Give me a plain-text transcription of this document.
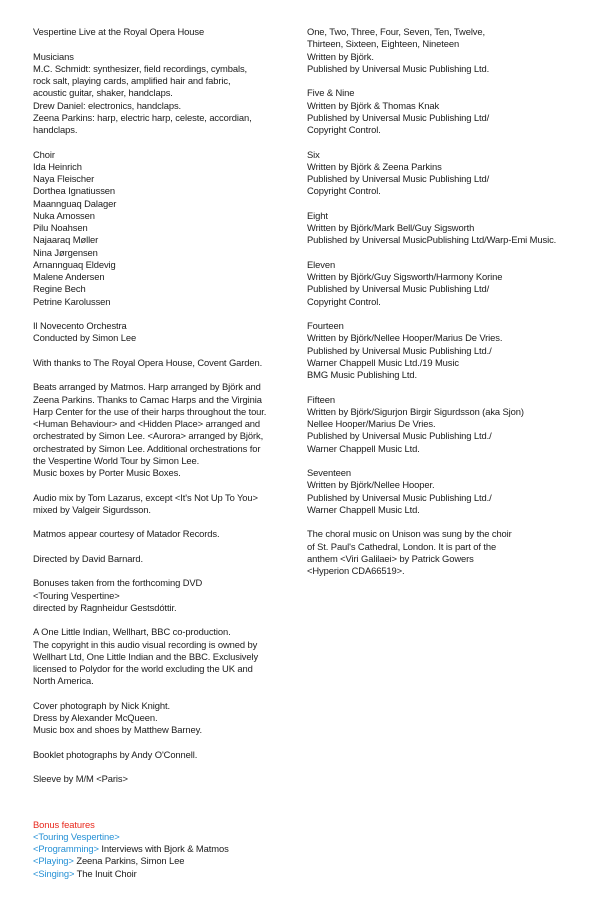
Vespertine Live at the Royal Opera House
Musicians
M.C. Schmidt: synthesizer, field recordings, cymbals,
rock salt, playing cards, amplified hair and fabric,
acoustic guitar, shaker, handclaps.
Drew Daniel: electronics, handclaps.
Zeena Parkins: harp, electric harp, celeste, accordian,
handclaps.
Choir
Ida Heinrich
Naya Fleischer
Dorthea Ignatiussen
Maannguaq Dalager
Nuka Amossen
Pilu Noahsen
Najaaraq Møller
Nina Jørgensen
Arnannguaq Eldevig
Malene Andersen
Regine Bech
Petrine Karolussen
Il Novecento Orchestra
Conducted by Simon Lee
With thanks to The Royal Opera House, Covent Garden.
Beats arranged by Matmos. Harp arranged by Björk and
Zeena Parkins. Thanks to Camac Harps and the Virginia
Harp Center for the use of their harps throughout the tour.
<Human Behaviour> and <Hidden Place> arranged and
orchestrated by Simon Lee. <Aurora> arranged by Björk,
orchestrated by Simon Lee. Additional orchestrations for
the Vespertine World Tour by Simon Lee.
Music boxes by Porter Music Boxes.
Audio mix by Tom Lazarus, except <It's Not Up To You>
mixed by Valgeir Sigurdsson.
Matmos appear courtesy of Matador Records.
Directed by David Barnard.
Bonuses taken from the forthcoming DVD
<Touring Vespertine>
directed by Ragnheidur Gestsdóttir.
A One Little Indian, Wellhart, BBC co-production.
The copyright in this audio visual recording is owned by
Wellhart Ltd, One Little Indian and the BBC. Exclusively
licensed to Polydor for the world excluding the UK and
North America.
Cover photograph by Nick Knight.
Dress by Alexander McQueen.
Music box and shoes by Matthew Barney.
Booklet photographs by Andy O'Connell.
Sleeve by M/M <Paris>
Bonus features
<Touring Vespertine>
<Programming> Interviews with Bjork & Matmos
<Playing> Zeena Parkins, Simon Lee
<Singing> The Inuit Choir
One, Two, Three, Four, Seven, Ten, Twelve,
Thirteen, Sixteen, Eighteen, Nineteen
Written by Björk.
Published by Universal Music Publishing Ltd.
Five & Nine
Written by Björk & Thomas Knak
Published by Universal Music Publishing Ltd/
Copyright Control.
Six
Written by Björk & Zeena Parkins
Published by Universal Music Publishing Ltd/
Copyright Control.
Eight
Written by Björk/Mark Bell/Guy Sigsworth
Published by Universal MusicPublishing Ltd/Warp-Emi Music.
Eleven
Written by Björk/Guy Sigsworth/Harmony Korine
Published by Universal Music Publishing Ltd/
Copyright Control.
Fourteen
Written by Björk/Nellee Hooper/Marius De Vries.
Published by Universal Music Publishing Ltd./
Warner Chappell Music Ltd./19 Music
BMG Music Publishing Ltd.
Fifteen
Written by Björk/Sigurjon Birgir Sigurdsson (aka Sjon)
Nellee Hooper/Marius De Vries.
Published by Universal Music Publishing Ltd./
Warner Chappell Music Ltd.
Seventeen
Written by Björk/Nellee Hooper.
Published by Universal Music Publishing Ltd./
Warner Chappell Music Ltd.
The choral music on Unison was sung by the choir
of St. Paul's Cathedral, London. It is part of the
anthem <Viri Galilaei> by Patrick Gowers
<Hyperion CDA66519>.
